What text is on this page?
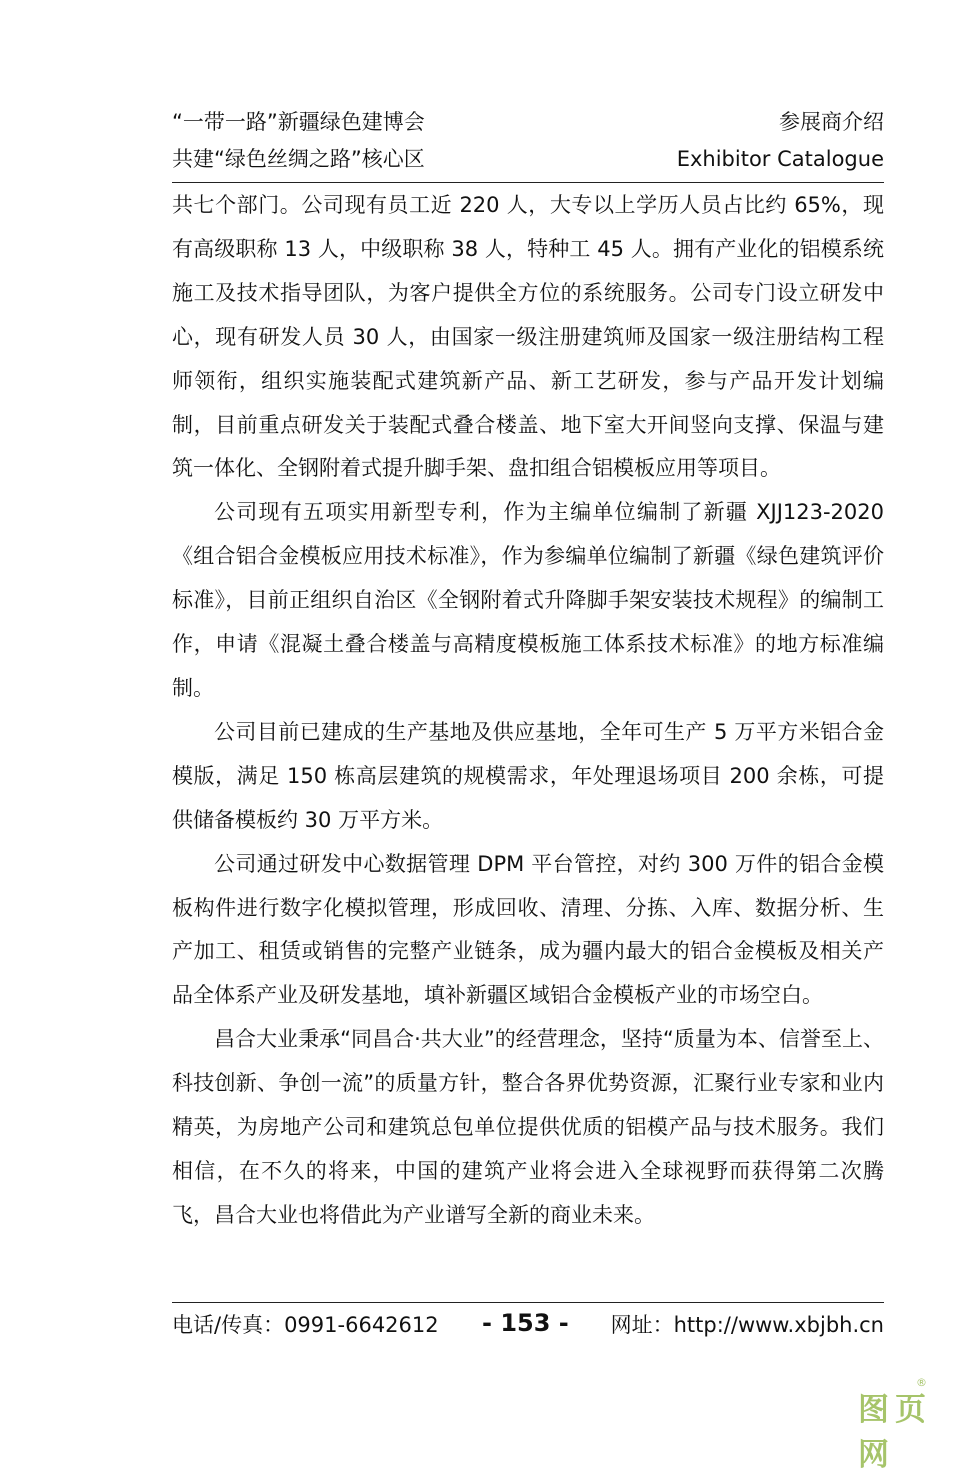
“一带一路”新疆绿色建博会	参展商介绍
共建“绿色丝绸之路”核心区	Exhibitor Catalogue

共七个部门。公司现有员工近 220 人，大专以上学历人员占比约 65%，现有高级职称 13 人，中级职称 38 人，特种工 45 人。拥有产业化的铝模系统施工及技术指导团队，为客户提供全方位的系统服务。公司专门设立研发中心，现有研发人员 30 人，由国家一级注册建筑师及国家一级注册结构工程师领衔，组织实施装配式建筑新产品、新工艺研发，参与产品开发计划编制，目前重点研发关于装配式叠合楼盖、地下室大开间竖向支撑、保温与建筑一体化、全钢附着式提升脚手架、盘扣组合铝模板应用等项目。

公司现有五项实用新型专利，作为主编单位编制了新疆 XJJ123-2020《组合铝合金模板应用技术标准》，作为参编单位编制了新疆《绿色建筑评价标准》，目前正组织自治区《全钢附着式升降脚手架安装技术规程》的编制工作，申请《混凝土叠合楼盖与高精度模板施工体系技术标准》的地方标准编制。

公司目前已建成的生产基地及供应基地，全年可生产 5 万平方米铝合金模版，满足 150 栋高层建筑的规模需求，年处理退场项目 200 余栋，可提供储备模板约 30 万平方米。

公司通过研发中心数据管理 DPM 平台管控，对约 300 万件的铝合金模板构件进行数字化模拟管理，形成回收、清理、分拣、入库、数据分析、生产加工、租赁或销售的完整产业链条，成为疆内最大的铝合金模板及相关产品全体系产业及研发基地，填补新疆区域铝合金模板产业的市场空白。

昌合大业秉承“同昌合·共大业”的经营理念，坚持“质量为本、信誉至上、科技创新、争创一流”的质量方针，整合各界优势资源，汇聚行业专家和业内精英，为房地产公司和建筑总包单位提供优质的铝模产品与技术服务。我们相信，在不久的将来，中国的建筑产业将会进入全球视野而获得第二次腾飞，昌合大业也将借此为产业谱写全新的商业未来。

电话/传真：0991-6642612 - 153 - 网址：http://www.xbjbh.cn
图页网
®
